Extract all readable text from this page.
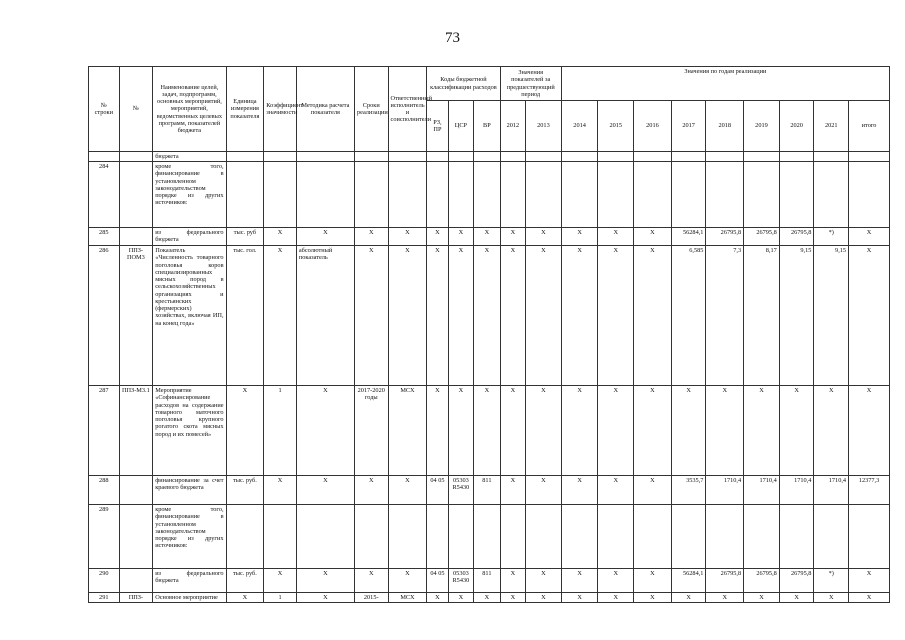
73
№ строки	№	Наименование целей, задач, подпрограмм, основных мероприятий, мероприятий, ведомственных целевых программ, показателей бюджета	Единица измерения показателя	Коэффициент значимости	Методика расчета показателя	Сроки реализации	Ответственный исполнитель и соисполнители	Коды бюджетной классификации расходов			Значения показателей за предшествующий период		Значения по годам реализации								
								РЗ, ПР	ЦСР	ВР	2012	2013	2014	2015	2016	2017	2018	2019	2020	2021	итого
		бюджета																			
284		кроме того, финансирование в установленном законодательством порядке из других источников:																			
285		из федерального бюджета	тыс. руб	X	X	X	X	X	X	X	X	X	X	X	X	56284,1	26795,8	26795,8	26795,8	*)	X
286	ППЗ-ПОМ3	Показатель «Численность товарного поголовья коров специализированных мясных пород в сельскохозяйственных организациях и крестьянских (фермерских) хозяйствах, включая ИП, на конец года»	тыс. гол.	X	абсолютный показатель	X	X	X	X	X	X	X	X	X	X	6,585	7,3	8,17	9,15	9,15	X
287	ППЗ-М3.1	Мероприятие «Софинансирование расходов на содержание товарного маточного поголовья крупного рогатого скота мясных пород и их помесей»	X	1	X	2017-2020 годы	МСХ	X	X	X	X	X	X	X	X	X	X	X	X	X	X
288		финансирование за счет краевого бюджета	тыс. руб.	X	X	X	X	04 05	05303 R5430	811	X	X	X	X	X	3535,7	1710,4	1710,4	1710,4	1710,4	12377,3
289		кроме того, финансирование в установленном законодательством порядке из других источников:																			
290		из федерального бюджета	тыс. руб.	X	X	X	X	04 05	05303 R5430	811	X	X	X	X	X	56284,1	26795,8	26795,8	26795,8	*)	X
291	ППЗ-	Основное мероприятие	X	1	X	2015-	МСХ	X	X	X	X	X	X	X	X	X	X	X	X	X	X
